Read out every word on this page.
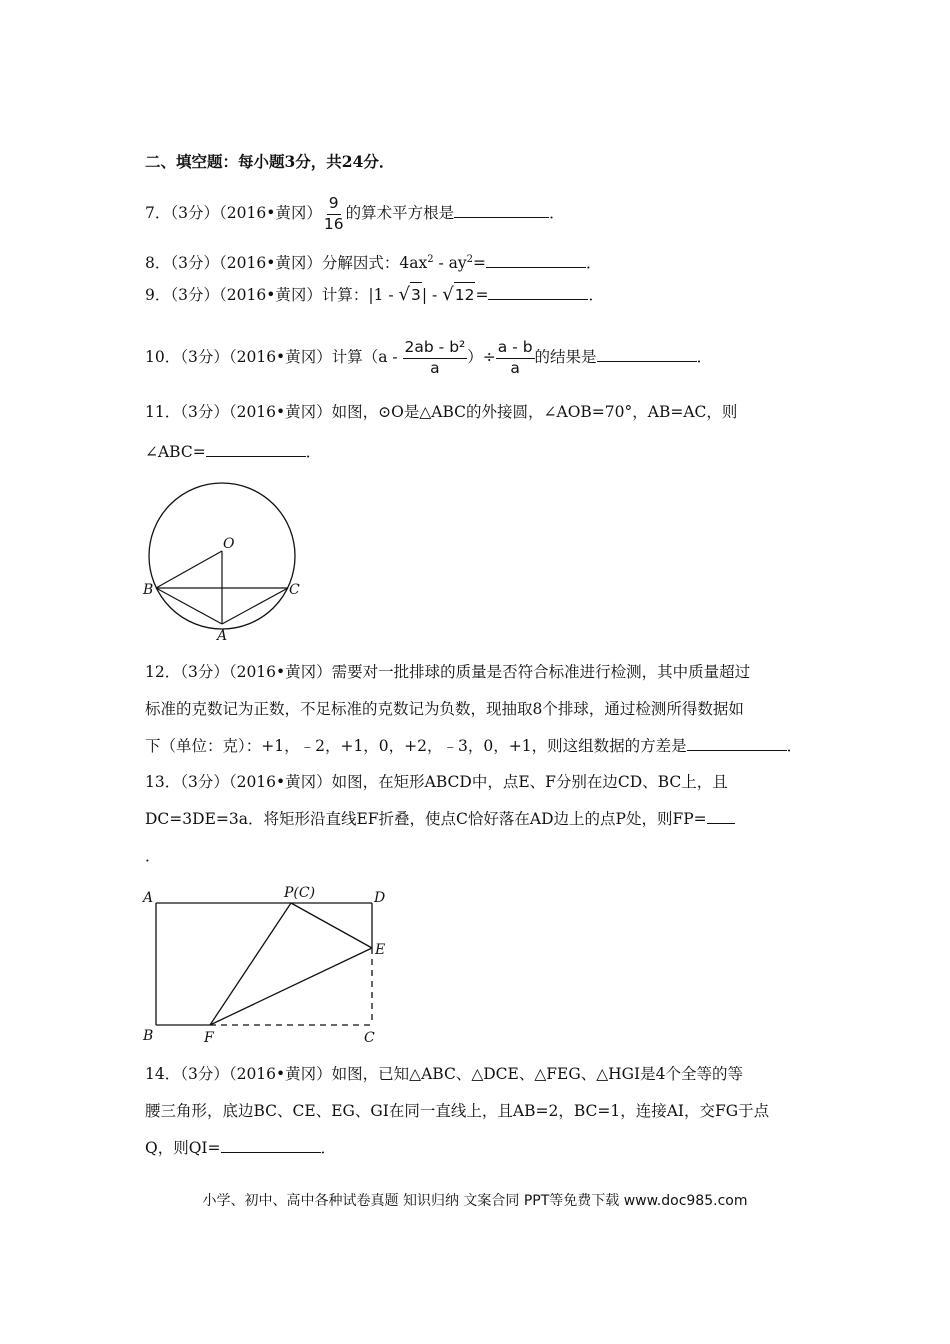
二、填空题：每小题3分，共24分．
7．（3分）（2016•黄冈） $\frac{9}{16}$ 的算术平方根是	．
8．（3分）（2016•黄冈）分解因式：$4ax^2 - ay^2=$	．
9．（3分）（2016•黄冈）计算：|1 - √ 3 | - √ 12 =	．
10．（3分）（2016•黄冈）计算（$a - \frac{\text{2ab - b²}}{a}$ ）÷ $\frac{a - b}{a}$ 的结果是	．
11．（3分）（2016•黄冈）如图，⊙O是△ABC的外接圆，∠AOB=70°，AB=AC，则
∠ABC=	．
O
B	C
A
12．（3分）（2016•黄冈）需要对一批排球的质量是否符合标准进行检测，其中质量超过
标准的克数记为正数，不足标准的克数记为负数，现抽取8个排球，通过检测所得数据如
下（单位：克）：+1，﹣2，+1，0，+2，﹣3，0，+1，则这组数据的方差是	．
13．（3分）（2016•黄冈）如图，在矩形ABCD中，点E、F分别在边CD、BC上，且
DC=3DE=3a．将矩形沿直线EF折叠，使点C恰好落在AD边上的点P处，则FP=
．
A	P(C)	D
E
B	F	C
14．（3分）（2016•黄冈）如图，已知△ABC、△DCE、△FEG、△HGI是4个全等的等
腰三角形，底边BC、CE、EG、GI在同一直线上，且AB=2，BC=1，连接AI，交FG于点
Q，则QI=	．
小学、初中、高中各种试卷真题 知识归纳 文案合同 PPT等免费下载 www.doc985.com
